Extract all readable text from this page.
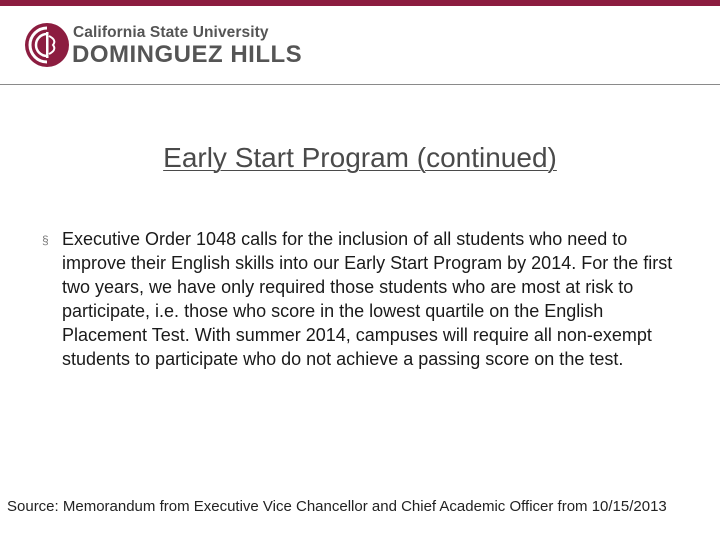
California State University
DOMINGUEZ HILLS
Early Start Program (continued)
§ Executive Order 1048 calls for the inclusion of all students who need to improve their English skills into our Early Start Program by 2014. For the first two years, we have only required those students who are most at risk to participate, i.e. those who score in the lowest quartile on the English Placement Test. With summer 2014, campuses will require all non-exempt students to participate who do not achieve a passing score on the test.
Source: Memorandum from Executive Vice Chancellor and Chief Academic Officer from 10/15/2013
